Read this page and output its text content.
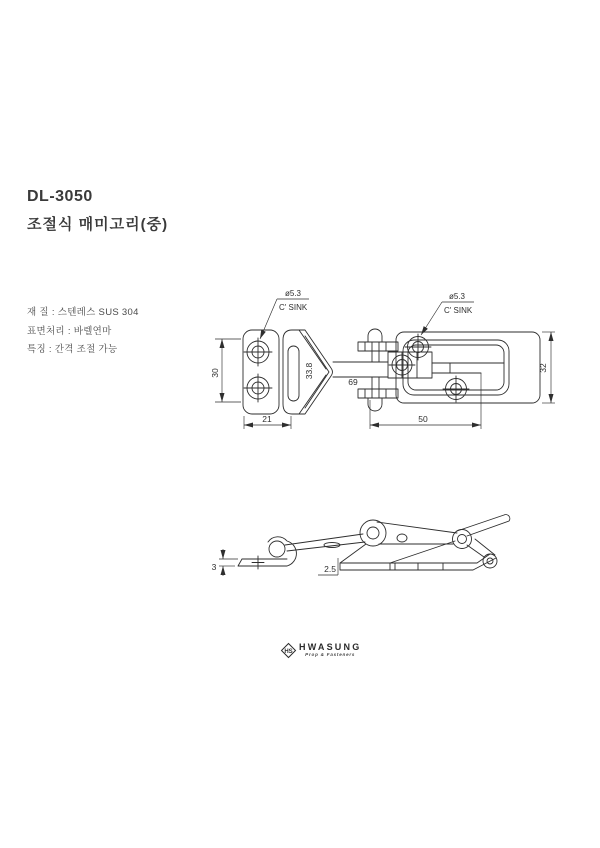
DL-3050
조절식 매미고리(중)
재 질 : 스텐레스 SUS 304
표면처리 : 바렐연마
특징 : 간격 조절 가능
30	33.8
69
21	50
32
ø5.3
C' SINK
ø5.3
C' SINK
3	2.5
HS HWASUNG
Prop & Fasteners
